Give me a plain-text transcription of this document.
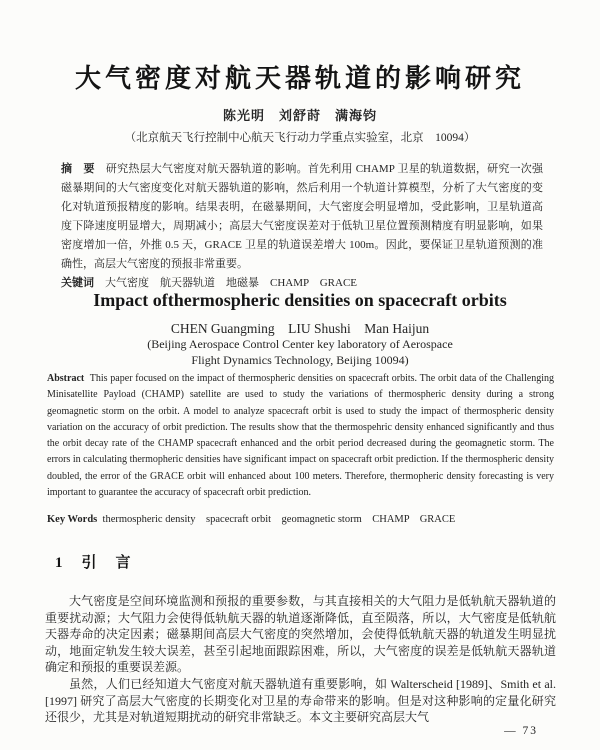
大气密度对航天器轨道的影响研究
陈光明　刘舒莳　满海钧
（北京航天飞行控制中心航天飞行动力学重点实验室，北京　10094）

摘　要　 研究热层大气密度对航天器轨道的影响。首先利用 CHAMP 卫星的轨道数据，研究一次强磁暴期间的大气密度变化对航天器轨道的影响，然后利用一个轨道计算模型，分析了大气密度的变化对轨道预报精度的影响。结果表明，在磁暴期间，大气密度会明显增加，受此影响，卫星轨道高度下降速度明显增大，周期减小；高层大气密度误差对于低轨卫星位置预测精度有明显影响，如果密度增加一倍，外推 0.5 天，GRACE 卫星的轨道误差增大 100m。因此，要保证卫星轨道预测的准确性，高层大气密度的预报非常重要。

关键词　 大气密度　航天器轨道　地磁暴　CHAMP　GRACE

Impact ofthermospheric densities on spacecraft orbits
CHEN Guangming　LIU Shushi　Man Haijun
(Beijing Aerospace Control Center key laboratory of Aerospace
Flight Dynamics Technology, Beijing 10094)

Abstract This paper focused on the impact of thermospheric densities on spacecraft orbits. The orbit data of the Challenging Minisatellite Payload (CHAMP) satellite are used to study the variations of thermospheric density during a strong geomagnetic storm on the orbit. A model to analyze spacecraft orbit is used to study the impact of thermospheric density variation on the accuracy of orbit prediction. The results show that the thermospehric density enhanced significantly and thus the orbit decay rate of the CHAMP spacecraft enhanced and the orbit period decreased during the geomagnetic storm. The errors in calculating thermopheric densities have significant impact on spacecraft orbit prediction. If the thermospheric density doubled, the error of the GRACE orbit will enhanced about 100 meters. Therefore, thermopheric density forecasting is very important to guarantee the accuracy of spacecraft orbit prediction.

Key Words thermospheric density　spacecraft orbit　geomagnetic storm　CHAMP　GRACE
1　引　言

大气密度是空间环境监测和预报的重要参数，与其直接相关的大气阻力是低轨航天器轨道的重要扰动源；大气阻力会使得低轨航天器的轨道逐渐降低，直至陨落，所以，大气密度是低轨航天器寿命的决定因素；磁暴期间高层大气密度的突然增加，会使得低轨航天器的轨道发生明显扰动，地面定轨发生较大误差，甚至引起地面跟踪困难，所以，大气密度的误差是低轨航天器轨道确定和预报的重要误差源。

虽然，人们已经知道大气密度对航天器轨道有重要影响，如 Walterscheid [1989]、Smith et al. [1997] 研究了高层大气密度的长期变化对卫星的寿命带来的影响。但是对这种影响的定量化研究还很少，尤其是对轨道短期扰动的研究非常缺乏。本文主要研究高层大气

— 73
